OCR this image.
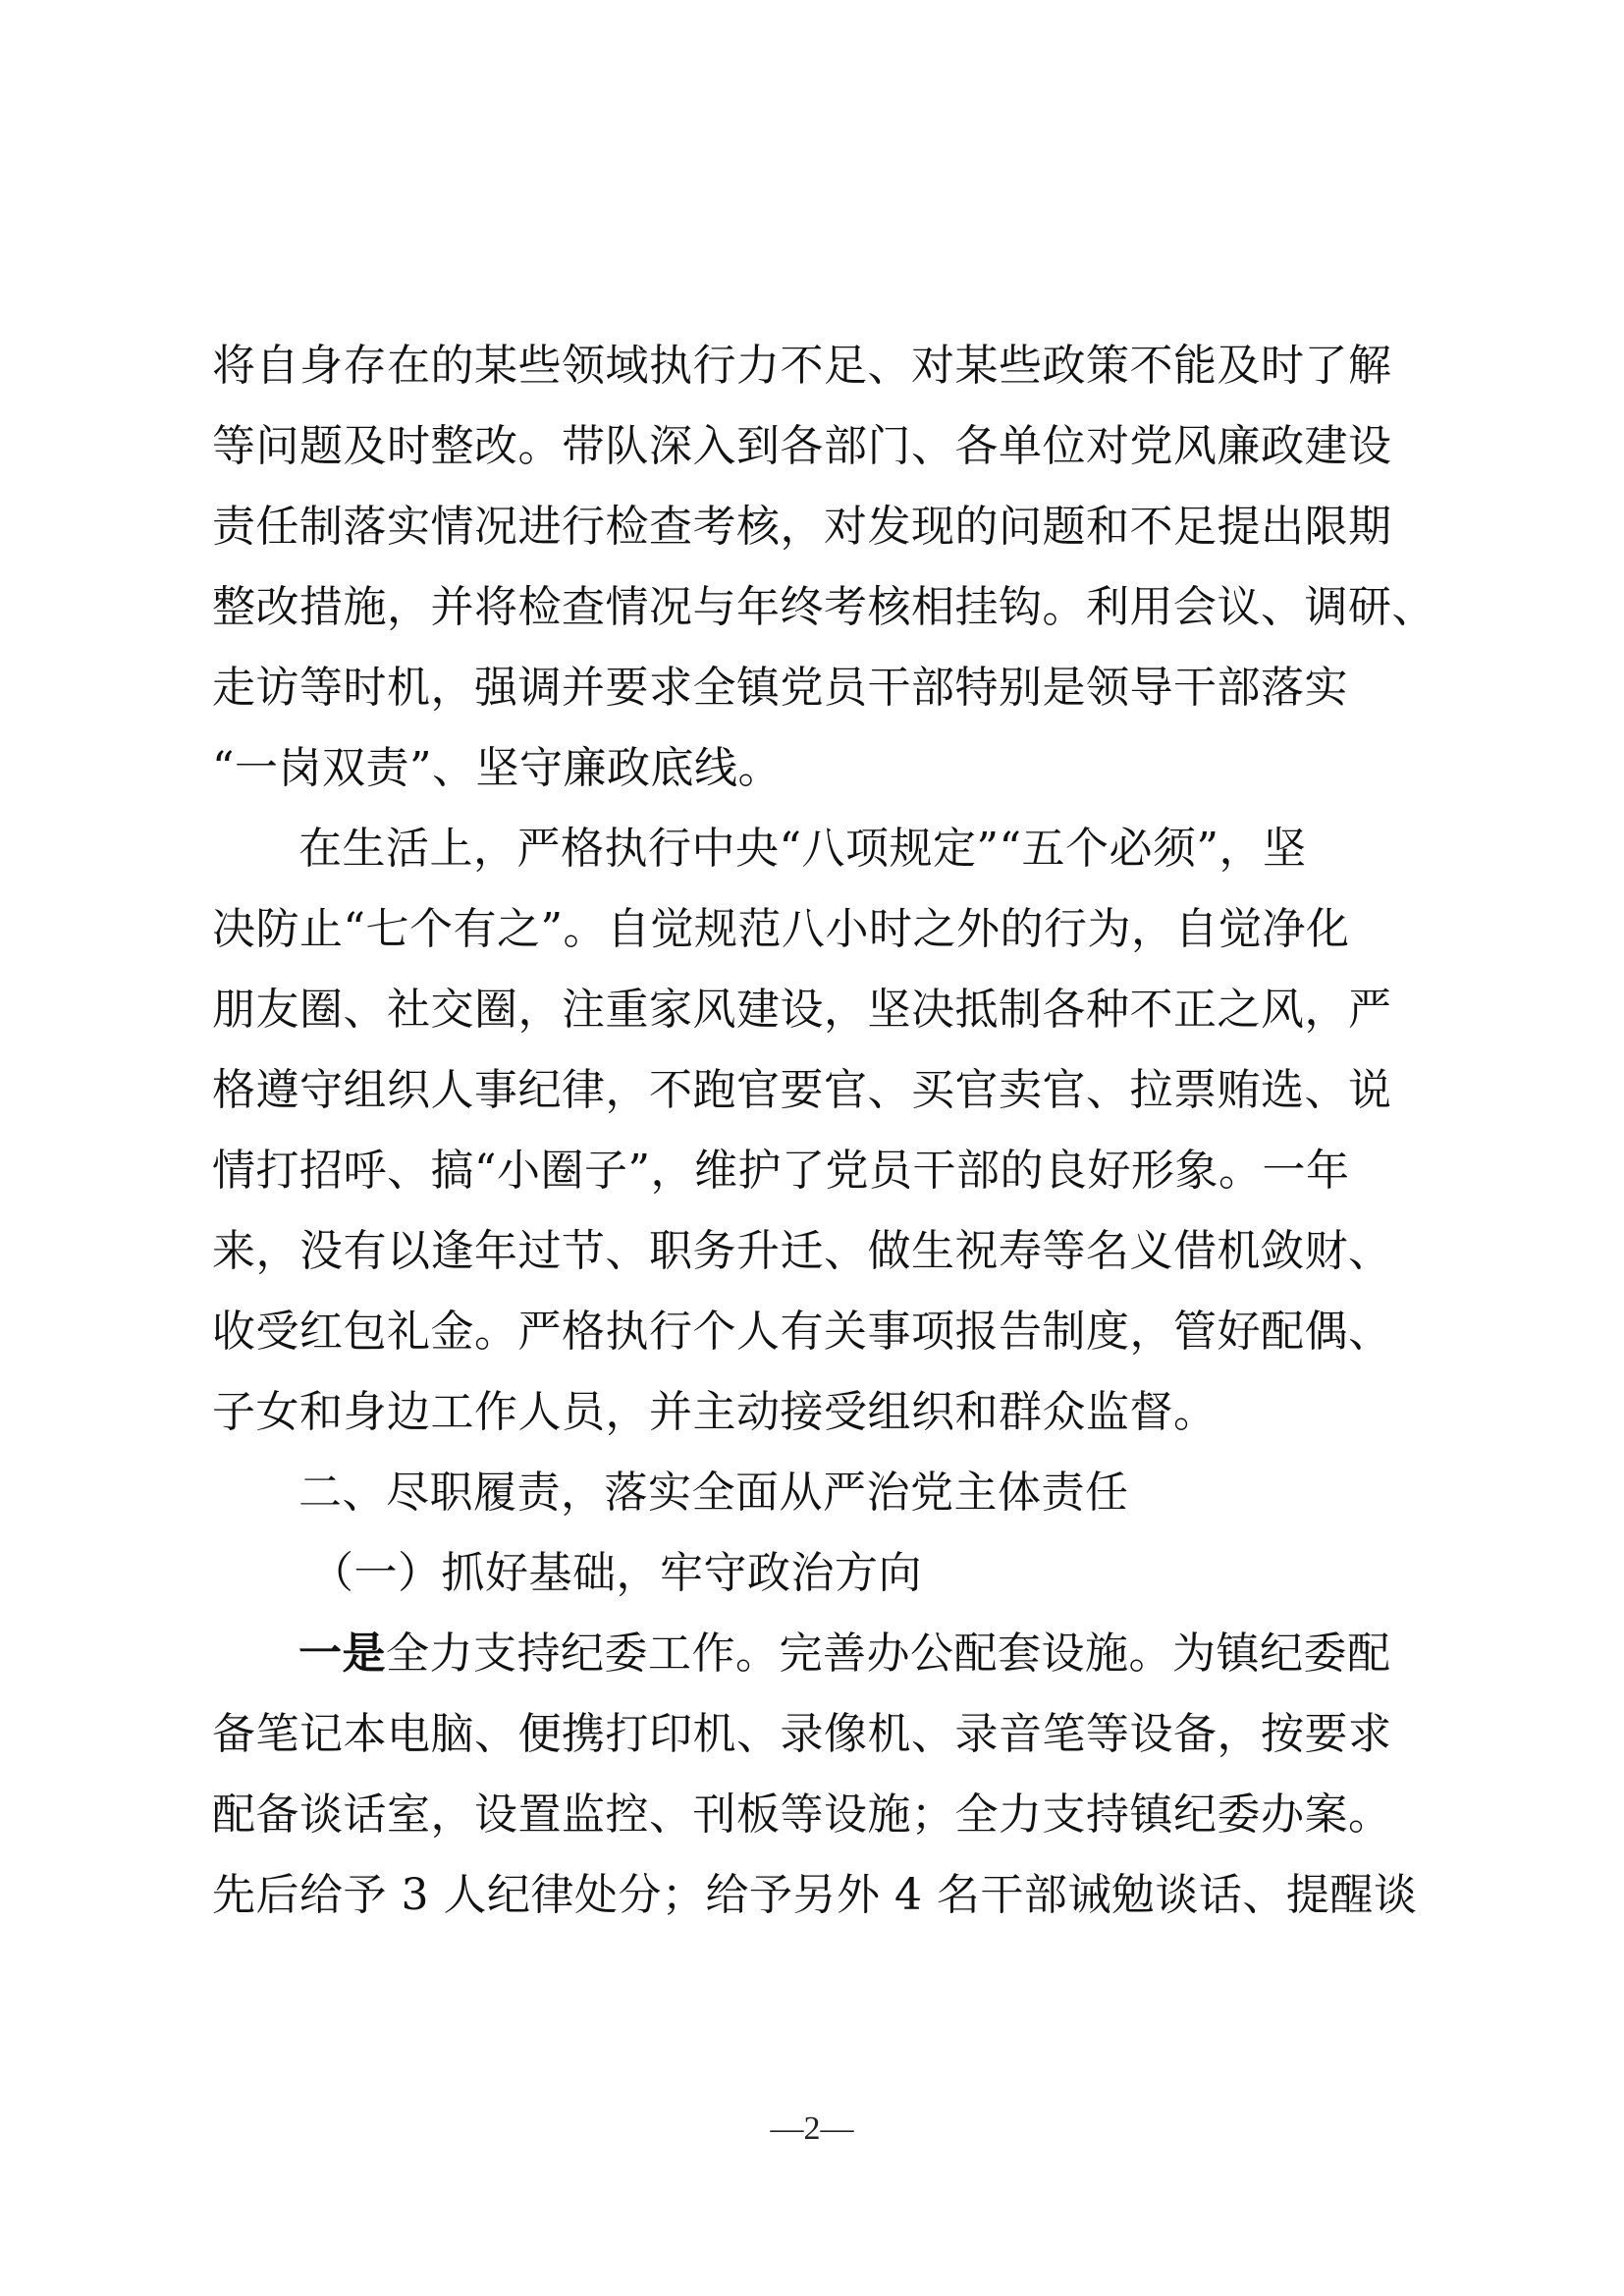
将自身存在的某些领域执行力不足、对某些政策不能及时了解
等问题及时整改。带队深入到各部门、各单位对党风廉政建设
责任制落实情况进行检查考核，对发现的问题和不足提出限期
整改措施，并将检查情况与年终考核相挂钩。利用会议、调研、
走访等时机，强调并要求全镇党员干部特别是领导干部落实
“一岗双责”、坚守廉政底线。
在生活上，严格执行中央“八项规定”“五个必须”，坚
决防止“七个有之”。自觉规范八小时之外的行为，自觉净化
朋友圈、社交圈，注重家风建设，坚决抵制各种不正之风，严
格遵守组织人事纪律，不跑官要官、买官卖官、拉票贿选、说
情打招呼、搞“小圈子”，维护了党员干部的良好形象。一年
来，没有以逢年过节、职务升迁、做生祝寿等名义借机敛财、
收受红包礼金。严格执行个人有关事项报告制度，管好配偶、
子女和身边工作人员，并主动接受组织和群众监督。
二、尽职履责，落实全面从严治党主体责任
（一）抓好基础，牢守政治方向
一是全力支持纪委工作。完善办公配套设施。为镇纪委配
备笔记本电脑、便携打印机、录像机、录音笔等设备，按要求
配备谈话室，设置监控、刊板等设施；全力支持镇纪委办案。
先后给予 3 人纪律处分；给予另外 4 名干部诫勉谈话、提醒谈
—2—
